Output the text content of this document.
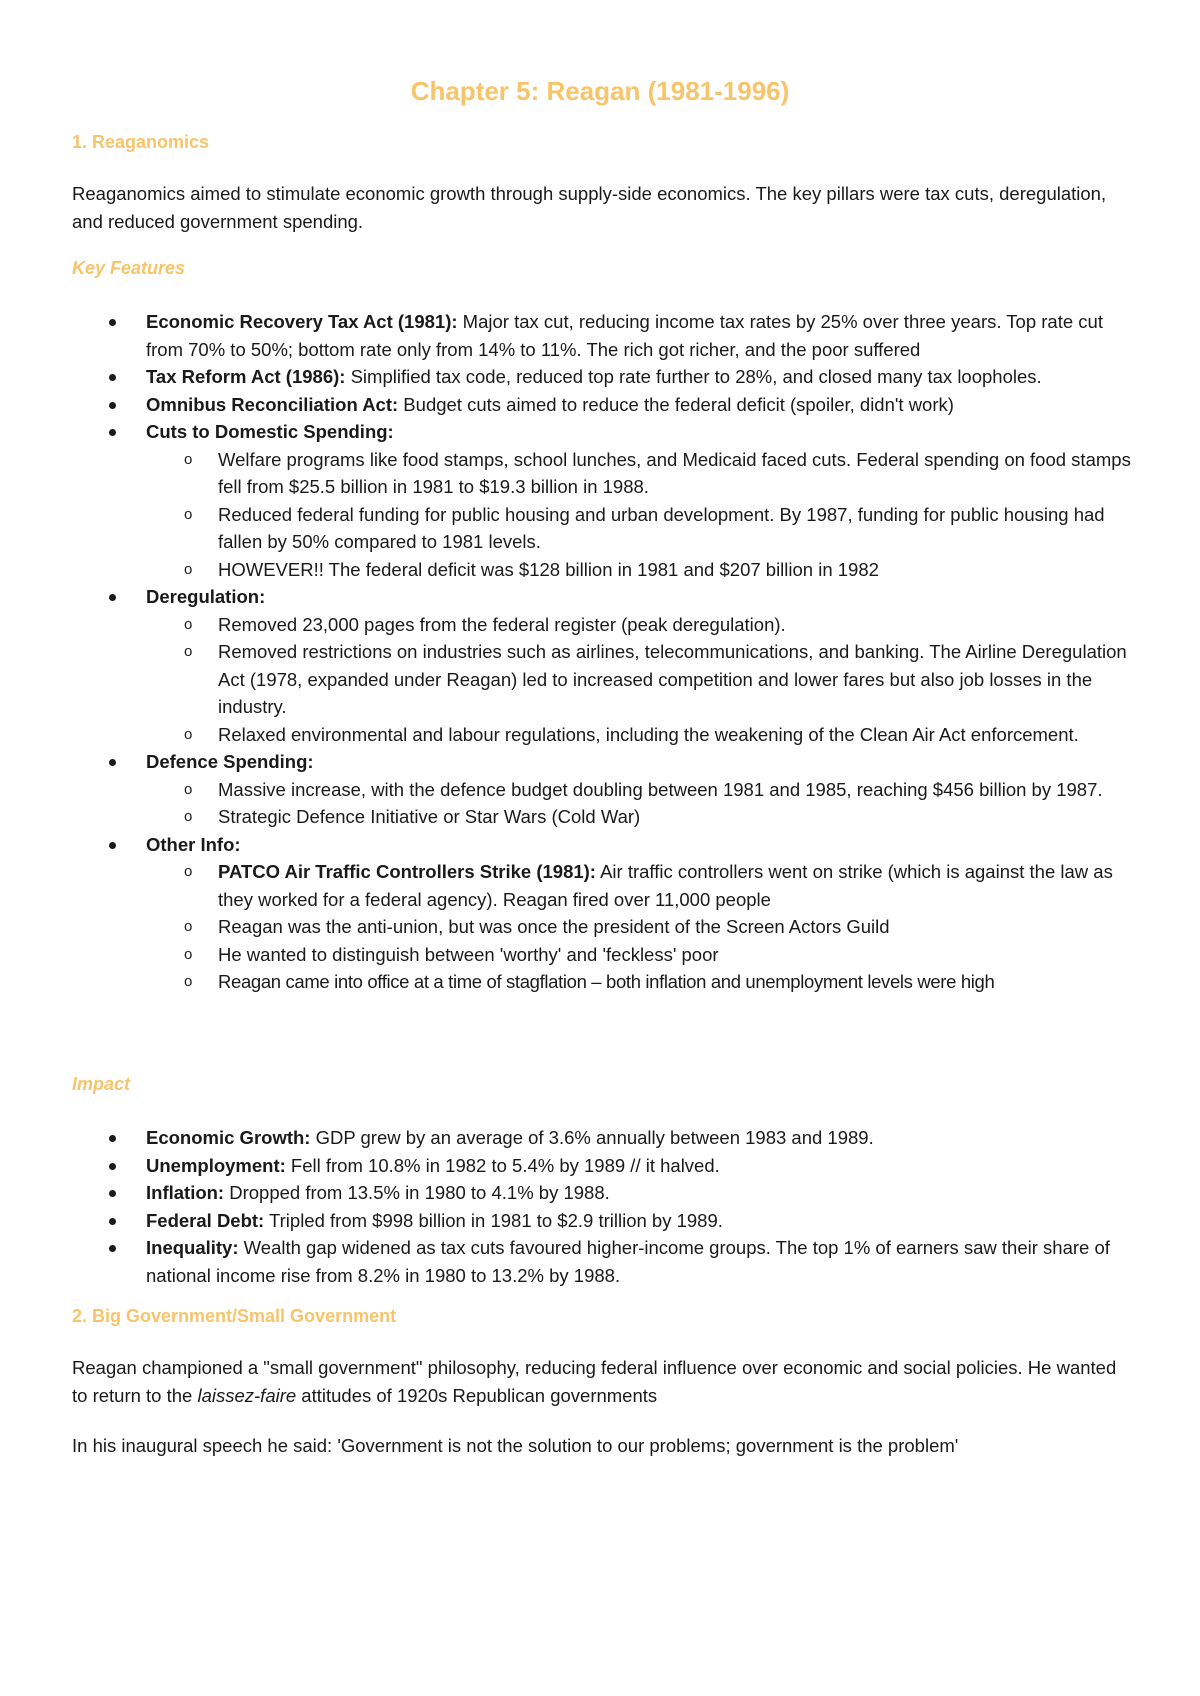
Chapter 5: Reagan (1981-1996)
1. Reaganomics

Reaganomics aimed to stimulate economic growth through supply-side economics. The key pillars were tax cuts, deregulation, and reduced government spending.

Key Features
Economic Recovery Tax Act (1981): Major tax cut, reducing income tax rates by 25% over three years. Top rate cut from 70% to 50%; bottom rate only from 14% to 11%. The rich got richer, and the poor suffered
Tax Reform Act (1986): Simplified tax code, reduced top rate further to 28%, and closed many tax loopholes.
Omnibus Reconciliation Act: Budget cuts aimed to reduce the federal deficit (spoiler, didn't work)
Cuts to Domestic Spending:
o Welfare programs like food stamps, school lunches, and Medicaid faced cuts. Federal spending on food stamps fell from $25.5 billion in 1981 to $19.3 billion in 1988.
o Reduced federal funding for public housing and urban development. By 1987, funding for public housing had fallen by 50% compared to 1981 levels.
o HOWEVER!! The federal deficit was $128 billion in 1981 and $207 billion in 1982
Deregulation:
o Removed 23,000 pages from the federal register (peak deregulation).
o Removed restrictions on industries such as airlines, telecommunications, and banking. The Airline Deregulation Act (1978, expanded under Reagan) led to increased competition and lower fares but also job losses in the industry.
o Relaxed environmental and labour regulations, including the weakening of the Clean Air Act enforcement.
Defence Spending:
o Massive increase, with the defence budget doubling between 1981 and 1985, reaching $456 billion by 1987.
o Strategic Defence Initiative or Star Wars (Cold War)
Other Info:
o PATCO Air Traffic Controllers Strike (1981): Air traffic controllers went on strike (which is against the law as they worked for a federal agency). Reagan fired over 11,000 people
o Reagan was the anti-union, but was once the president of the Screen Actors Guild
o He wanted to distinguish between 'worthy' and 'feckless' poor
o Reagan came into office at a time of stagflation – both inflation and unemployment levels were high
Impact
Economic Growth: GDP grew by an average of 3.6% annually between 1983 and 1989.
Unemployment: Fell from 10.8% in 1982 to 5.4% by 1989 // it halved.
Inflation: Dropped from 13.5% in 1980 to 4.1% by 1988.
Federal Debt: Tripled from $998 billion in 1981 to $2.9 trillion by 1989.
Inequality: Wealth gap widened as tax cuts favoured higher-income groups. The top 1% of earners saw their share of national income rise from 8.2% in 1980 to 13.2% by 1988.
2. Big Government/Small Government

Reagan championed a "small government" philosophy, reducing federal influence over economic and social policies. He wanted to return to the laissez-faire attitudes of 1920s Republican governments

In his inaugural speech he said: 'Government is not the solution to our problems; government is the problem'
